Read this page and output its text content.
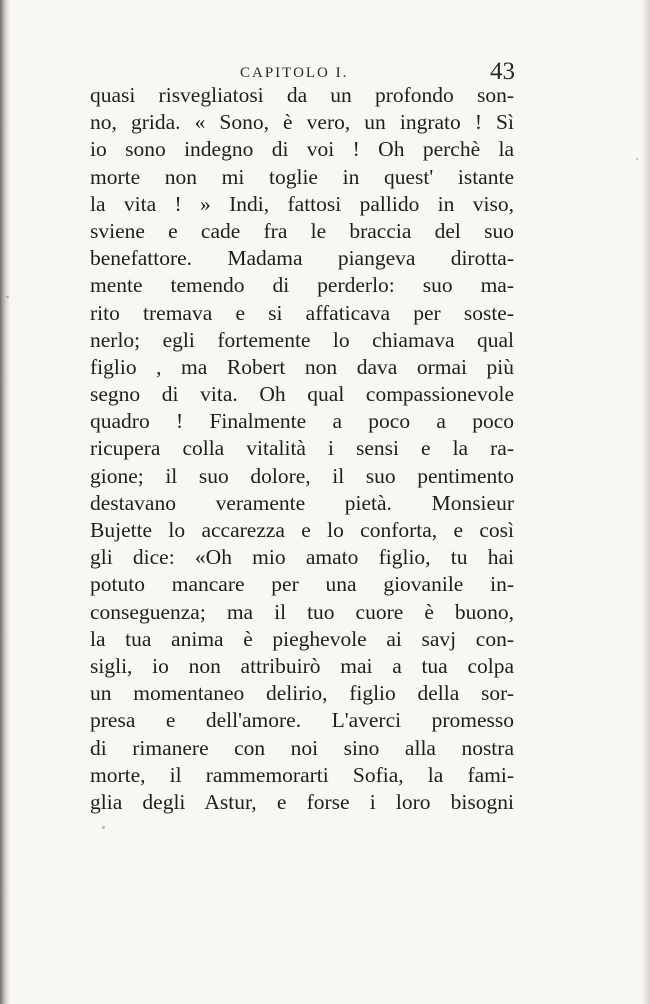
CAPITOLO I.	43
quasi risvegliatosi da un profondo son-
no, grida. « Sono, è vero, un ingrato ! Sì
io sono indegno di voi ! Oh perchè la
morte non mi toglie in quest' istante
la vita ! » Indi, fattosi pallido in viso,
sviene e cade fra le braccia del suo
benefattore. Madama piangeva dirotta-
mente temendo di perderlo: suo ma-
rito tremava e si affaticava per soste-
nerlo; egli fortemente lo chiamava qual
figlio , ma Robert non dava ormai più
segno di vita. Oh qual compassionevole
quadro ! Finalmente a poco a poco
ricupera colla vitalità i sensi e la ra-
gione; il suo dolore, il suo pentimento
destavano veramente pietà. Monsieur
Bujette lo accarezza e lo conforta, e così
gli dice: «Oh mio amato figlio, tu hai
potuto mancare per una giovanile in-
conseguenza; ma il tuo cuore è buono,
la tua anima è pieghevole ai savj con-
sigli, io non attribuirò mai a tua colpa
un momentaneo delirio, figlio della sor-
presa e dell'amore. L'averci promesso
di rimanere con noi sino alla nostra
morte, il rammemorarti Sofia, la fami-
glia degli Astur, e forse i loro bisogni
